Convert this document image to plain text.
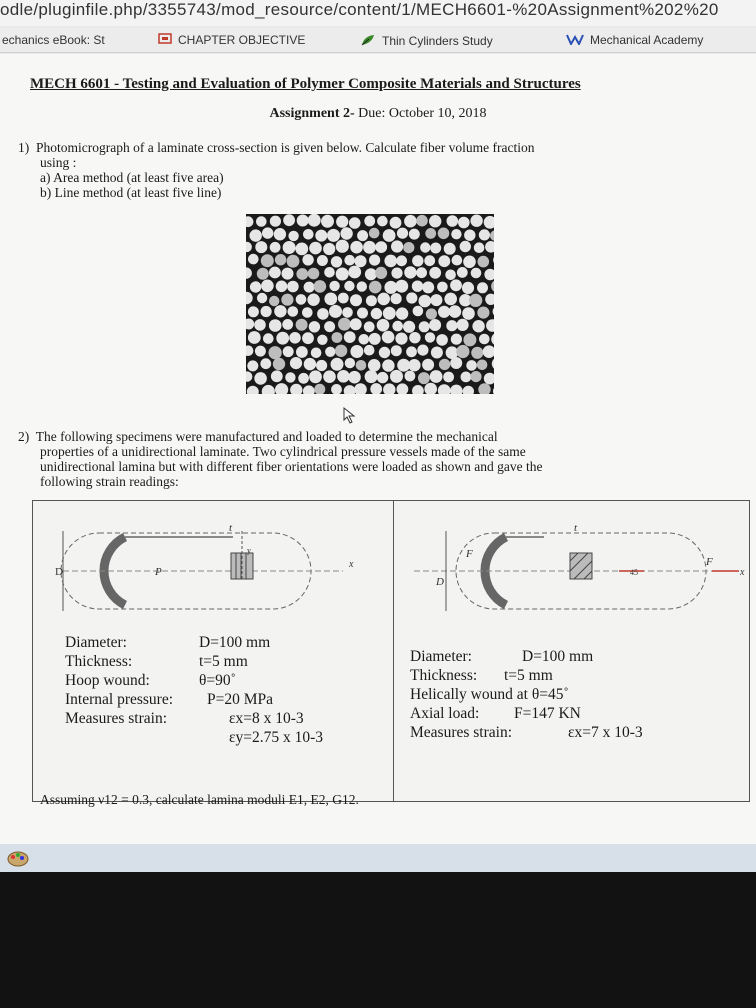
odle/pluginfile.php/3355743/mod_resource/content/1/MECH6601-%20Assignment%202%20
echanics eBook: St	CHAPTER OBJECTIVE	Thin Cylinders Study	Mechanical Academy
MECH 6601 - Testing and Evaluation of Polymer Composite Materials and Structures
Assignment 2- Due: October 10, 2018
1) Photomicrograph of a laminate cross-section is given below. Calculate fiber volume fraction
using :
a) Area method (at least five area)
b) Line method (at least five line)
2) The following specimens were manufactured and loaded to determine the mechanical
properties of a unidirectional laminate. Two cylindrical pressure vessels made of the same
unidirectional lamina but with different fiber orientations were loaded as shown and gave the
following strain readings:
D	P
t
y
x
Diameter:	D=100 mm
Thickness:	t=5 mm
Hoop wound:	θ=90˚
Internal pressure:	P=20 MPa
Measures strain:	εx=8 x 10-3
εy=2.75 x 10-3
D
F
F
t
45	x
Diameter:	D=100 mm
Thickness:	t=5 mm
Helically wound at θ=45˚
Axial load:	F=147 KN
Measures strain:	εx=7 x 10-3
Assuming ν12 = 0.3, calculate lamina moduli E1, E2, G12.
